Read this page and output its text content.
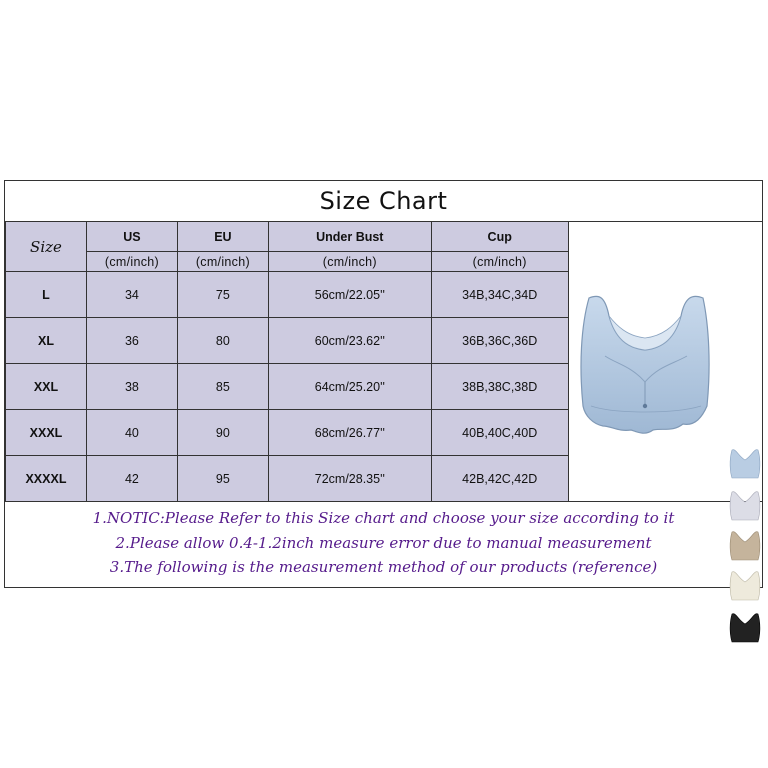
Size Chart
Size	US	EU	Under Bust	Cup	
	(cm/inch)	(cm/inch)	(cm/inch)	(cm/inch)	
L	34	75	56cm/22.05''	34B,34C,34D	
XL	36	80	60cm/23.62''	36B,36C,36D	
XXL	38	85	64cm/25.20''	38B,38C,38D	
XXXL	40	90	68cm/26.77''	40B,40C,40D	
XXXXL	42	95	72cm/28.35''	42B,42C,42D	
1.NOTIC:Please Refer to this Size chart and choose your size according to it
2.Please allow 0.4-1.2inch measure error due to manual measurement
3.The following is the measurement method of our products (reference)
